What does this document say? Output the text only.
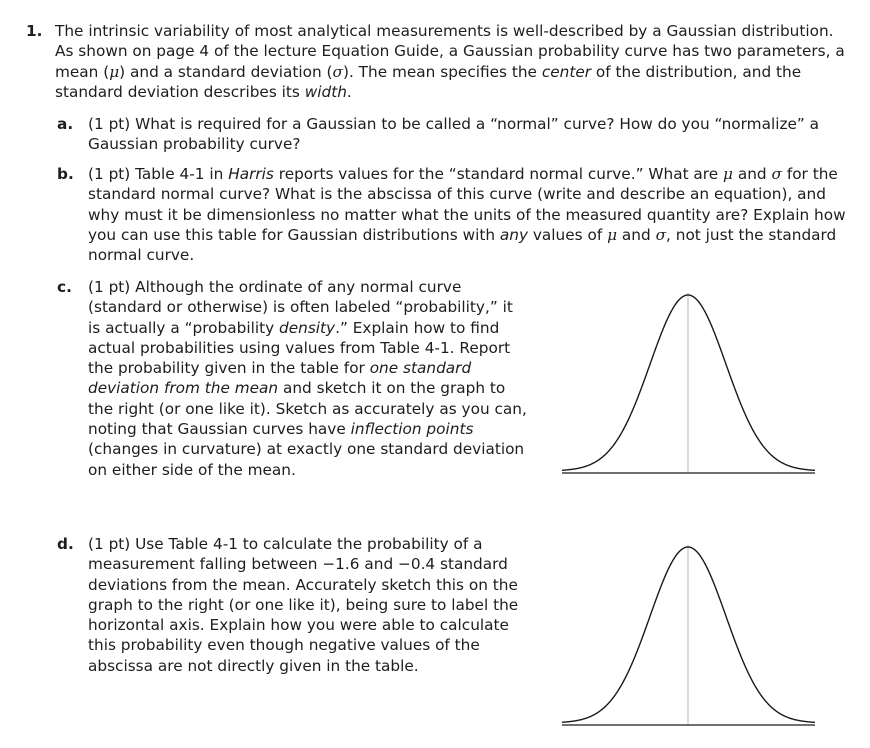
1. The intrinsic variability of most analytical measurements is well-described by a Gaussian distribution. As shown on page 4 of the lecture Equation Guide, a Gaussian probability curve has two parameters, a mean (μ) and a standard deviation (σ). The mean specifies the center of the distribution, and the standard deviation describes its width.
a. (1 pt) What is required for a Gaussian to be called a “normal” curve? How do you “normalize” a Gaussian probability curve?
b. (1 pt) Table 4-1 in Harris reports values for the “standard normal curve.” What are μ and σ for the standard normal curve? What is the abscissa of this curve (write and describe an equation), and why must it be dimensionless no matter what the units of the measured quantity are? Explain how you can use this table for Gaussian distributions with any values of μ and σ, not just the standard normal curve.
c. (1 pt) Although the ordinate of any normal curve (standard or otherwise) is often labeled “probability,” it is actually a “probability density.” Explain how to find actual probabilities using values from Table 4-1. Report the probability given in the table for one standard deviation from the mean and sketch it on the graph to the right (or one like it). Sketch as accurately as you can, noting that Gaussian curves have inflection points (changes in curvature) at exactly one standard deviation on either side of the mean.
d. (1 pt) Use Table 4-1 to calculate the probability of a measurement falling between −1.6 and −0.4 standard deviations from the mean. Accurately sketch this on the graph to the right (or one like it), being sure to label the horizontal axis. Explain how you were able to calculate this probability even though negative values of the abscissa are not directly given in the table.
